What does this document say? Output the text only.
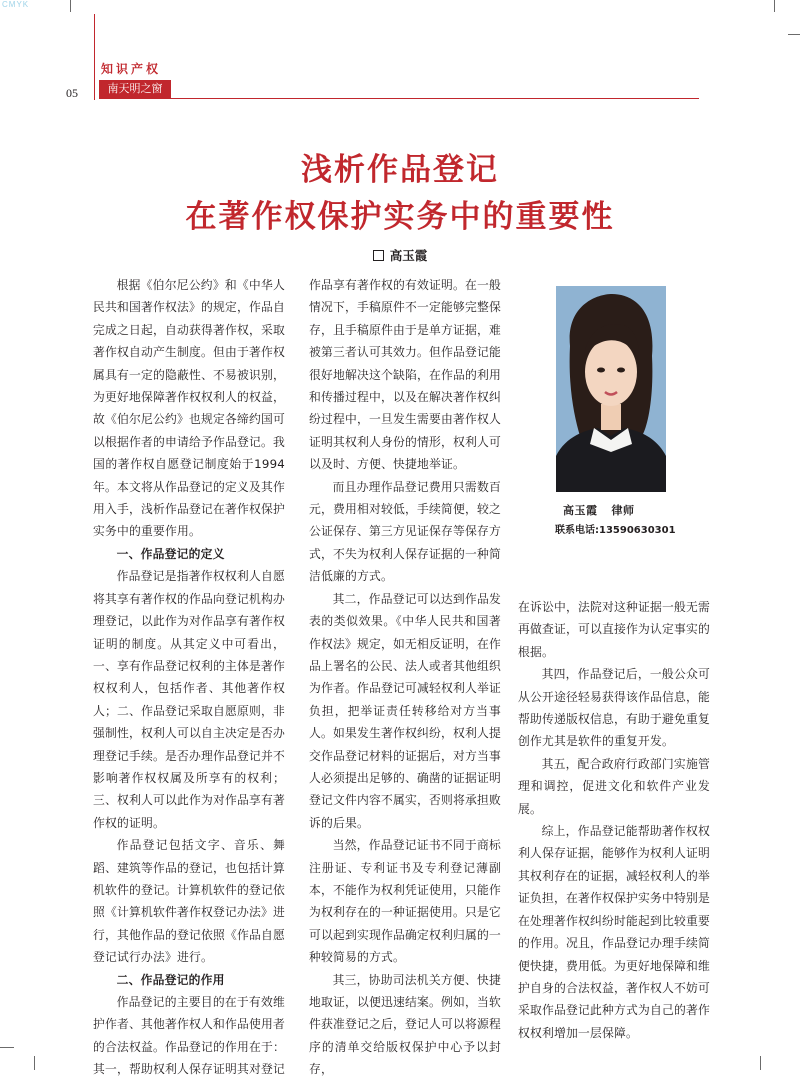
CMYK
知识产权
05	南天明之窗
浅析作品登记
在著作权保护实务中的重要性
高玉霞

根据《伯尔尼公约》和《中华人民共和国著作权法》的规定，作品自完成之日起，自动获得著作权，采取著作权自动产生制度。但由于著作权属具有一定的隐蔽性、不易被识别，为更好地保障著作权权利人的权益，故《伯尔尼公约》也规定各缔约国可以根据作者的申请给予作品登记。我国的著作权自愿登记制度始于1994年。本文将从作品登记的定义及其作用入手，浅析作品登记在著作权保护实务中的重要作用。

一、作品登记的定义

作品登记是指著作权权利人自愿将其享有著作权的作品向登记机构办理登记，以此作为对作品享有著作权证明的制度。从其定义中可看出，一、享有作品登记权利的主体是著作权权利人，包括作者、其他著作权人；二、作品登记采取自愿原则，非强制性，权利人可以自主决定是否办理登记手续。是否办理作品登记并不影响著作权权属及所享有的权利；三、权利人可以此作为对作品享有著作权的证明。

作品登记包括文字、音乐、舞蹈、建筑等作品的登记，也包括计算机软件的登记。计算机软件的登记依照《计算机软件著作权登记办法》进行，其他作品的登记依照《作品自愿登记试行办法》进行。

二、作品登记的作用

作品登记的主要目的在于有效维护作者、其他著作权人和作品使用者的合法权益。作品登记的作用在于：

其一，帮助权利人保存证明其对登记

作品享有著作权的有效证明。在一般情况下，手稿原件不一定能够完整保存，且手稿原件由于是单方证据，难被第三者认可其效力。但作品登记能很好地解决这个缺陷，在作品的利用和传播过程中，以及在解决著作权纠纷过程中，一旦发生需要由著作权人证明其权利人身份的情形，权利人可以及时、方便、快捷地举证。

而且办理作品登记费用只需数百元，费用相对较低，手续简便，较之公证保存、第三方见证保存等保存方式，不失为权利人保存证据的一种简洁低廉的方式。

其二，作品登记可以达到作品发表的类似效果。《中华人民共和国著作权法》规定，如无相反证明，在作品上署名的公民、法人或者其他组织为作者。作品登记可减轻权利人举证负担，把举证责任转移给对方当事人。如果发生著作权纠纷，权利人提交作品登记材料的证据后，对方当事人必须提出足够的、确凿的证据证明登记文件内容不属实，否则将承担败诉的后果。

当然，作品登记证书不同于商标注册证、专利证书及专利登记薄副本，不能作为权利凭证使用，只能作为权利存在的一种证据使用。只是它可以起到实现作品确定权利归属的一种较简易的方式。

其三，协助司法机关方便、快捷地取证，以便迅速结案。例如，当软件获准登记之后，登记人可以将源程序的清单交给版权保护中心予以封存，

在诉讼中，法院对这种证据一般无需再做查证，可以直接作为认定事实的根据。

其四，作品登记后，一般公众可从公开途径轻易获得该作品信息，能帮助传递版权信息，有助于避免重复创作尤其是软件的重复开发。

其五，配合政府行政部门实施管理和调控，促进文化和软件产业发展。

综上，作品登记能帮助著作权权利人保存证据，能够作为权利人证明其权利存在的证据，减轻权利人的举证负担，在著作权保护实务中特别是在处理著作权纠纷时能起到比较重要的作用。况且，作品登记办理手续简便快捷，费用低。为更好地保障和维护自身的合法权益，著作权人不妨可采取作品登记此种方式为自己的著作权权利增加一层保障。

高玉霞 律师
联系电话:13590630301
